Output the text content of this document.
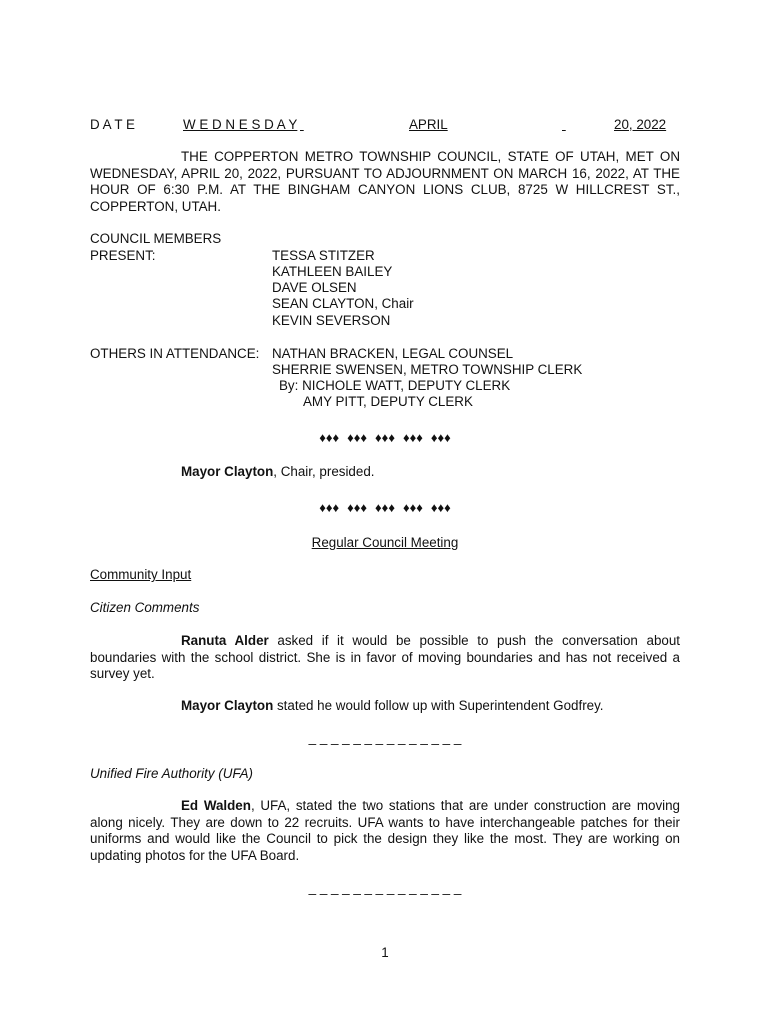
D A T E	W E D N E S D A Y
	APRIL
	20, 2022
THE COPPERTON METRO TOWNSHIP COUNCIL, STATE OF UTAH, MET ON WEDNESDAY, APRIL 20, 2022, PURSUANT TO ADJOURNMENT ON MARCH 16, 2022, AT THE HOUR OF 6:30 P.M. AT THE BINGHAM CANYON LIONS CLUB, 8725 W HILLCREST ST., COPPERTON, UTAH.
COUNCIL MEMBERS
PRESENT:	TESSA STITZER
KATHLEEN BAILEY
DAVE OLSEN
SEAN CLAYTON, Chair
KEVIN SEVERSON
OTHERS IN ATTENDANCE: NATHAN BRACKEN, LEGAL COUNSEL
SHERRIE SWENSEN, METRO TOWNSHIP CLERK
By: NICHOLE WATT, DEPUTY CLERK
AMY PITT, DEPUTY CLERK
♦♦♦ ♦♦♦ ♦♦♦ ♦♦♦ ♦♦♦
Mayor Clayton, Chair, presided.
♦♦♦ ♦♦♦ ♦♦♦ ♦♦♦ ♦♦♦
Regular Council Meeting
Community Input
Citizen Comments
Ranuta Alder asked if it would be possible to push the conversation about boundaries with the school district. She is in favor of moving boundaries and has not received a survey yet.
Mayor Clayton stated he would follow up with Superintendent Godfrey.
_ _ _ _ _ _ _ _ _ _ _ _ _ _
Unified Fire Authority (UFA)
Ed Walden, UFA, stated the two stations that are under construction are moving along nicely. They are down to 22 recruits. UFA wants to have interchangeable patches for their uniforms and would like the Council to pick the design they like the most. They are working on updating photos for the UFA Board.
_ _ _ _ _ _ _ _ _ _ _ _ _ _
1
